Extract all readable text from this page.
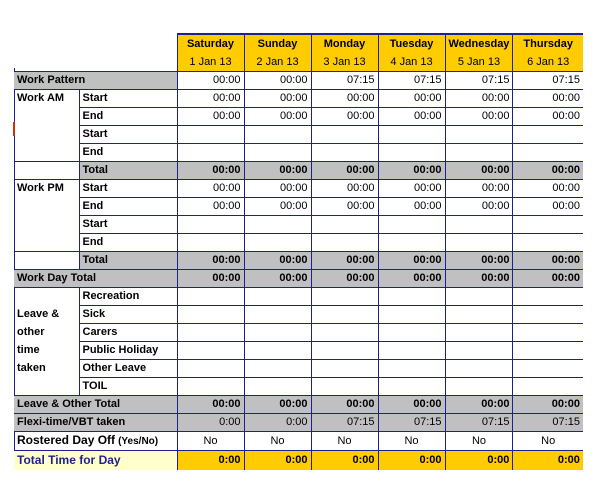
		Saturday	Sunday	Monday	Tuesday	Wednesday	Thursday
		1 Jan 13	2 Jan 13	3 Jan 13	4 Jan 13	5 Jan 13	6 Jan 13
Work Pattern		00:00	00:00	07:15	07:15	07:15	07:15
Work AM	Start	00:00	00:00	00:00	00:00	00:00	00:00
	End	00:00	00:00	00:00	00:00	00:00	00:00
	Start						
	End						
	Total	00:00	00:00	00:00	00:00	00:00	00:00
Work PM	Start	00:00	00:00	00:00	00:00	00:00	00:00
	End	00:00	00:00	00:00	00:00	00:00	00:00
	Start						
	End						
	Total	00:00	00:00	00:00	00:00	00:00	00:00
Work Day Total		00:00	00:00	00:00	00:00	00:00	00:00
	Recreation						
Leave &	Sick						
other	Carers						
time	Public Holiday						
taken	Other Leave						
	TOIL						
Leave & Other Total		00:00	00:00	00:00	00:00	00:00	00:00
Flexi-time/VBT taken		0:00	0:00	07:15	07:15	07:15	07:15
Rostered Day Off (Yes/No)		No	No	No	No	No	No
Total Time for Day		0:00	0:00	0:00	0:00	0:00	0:00
